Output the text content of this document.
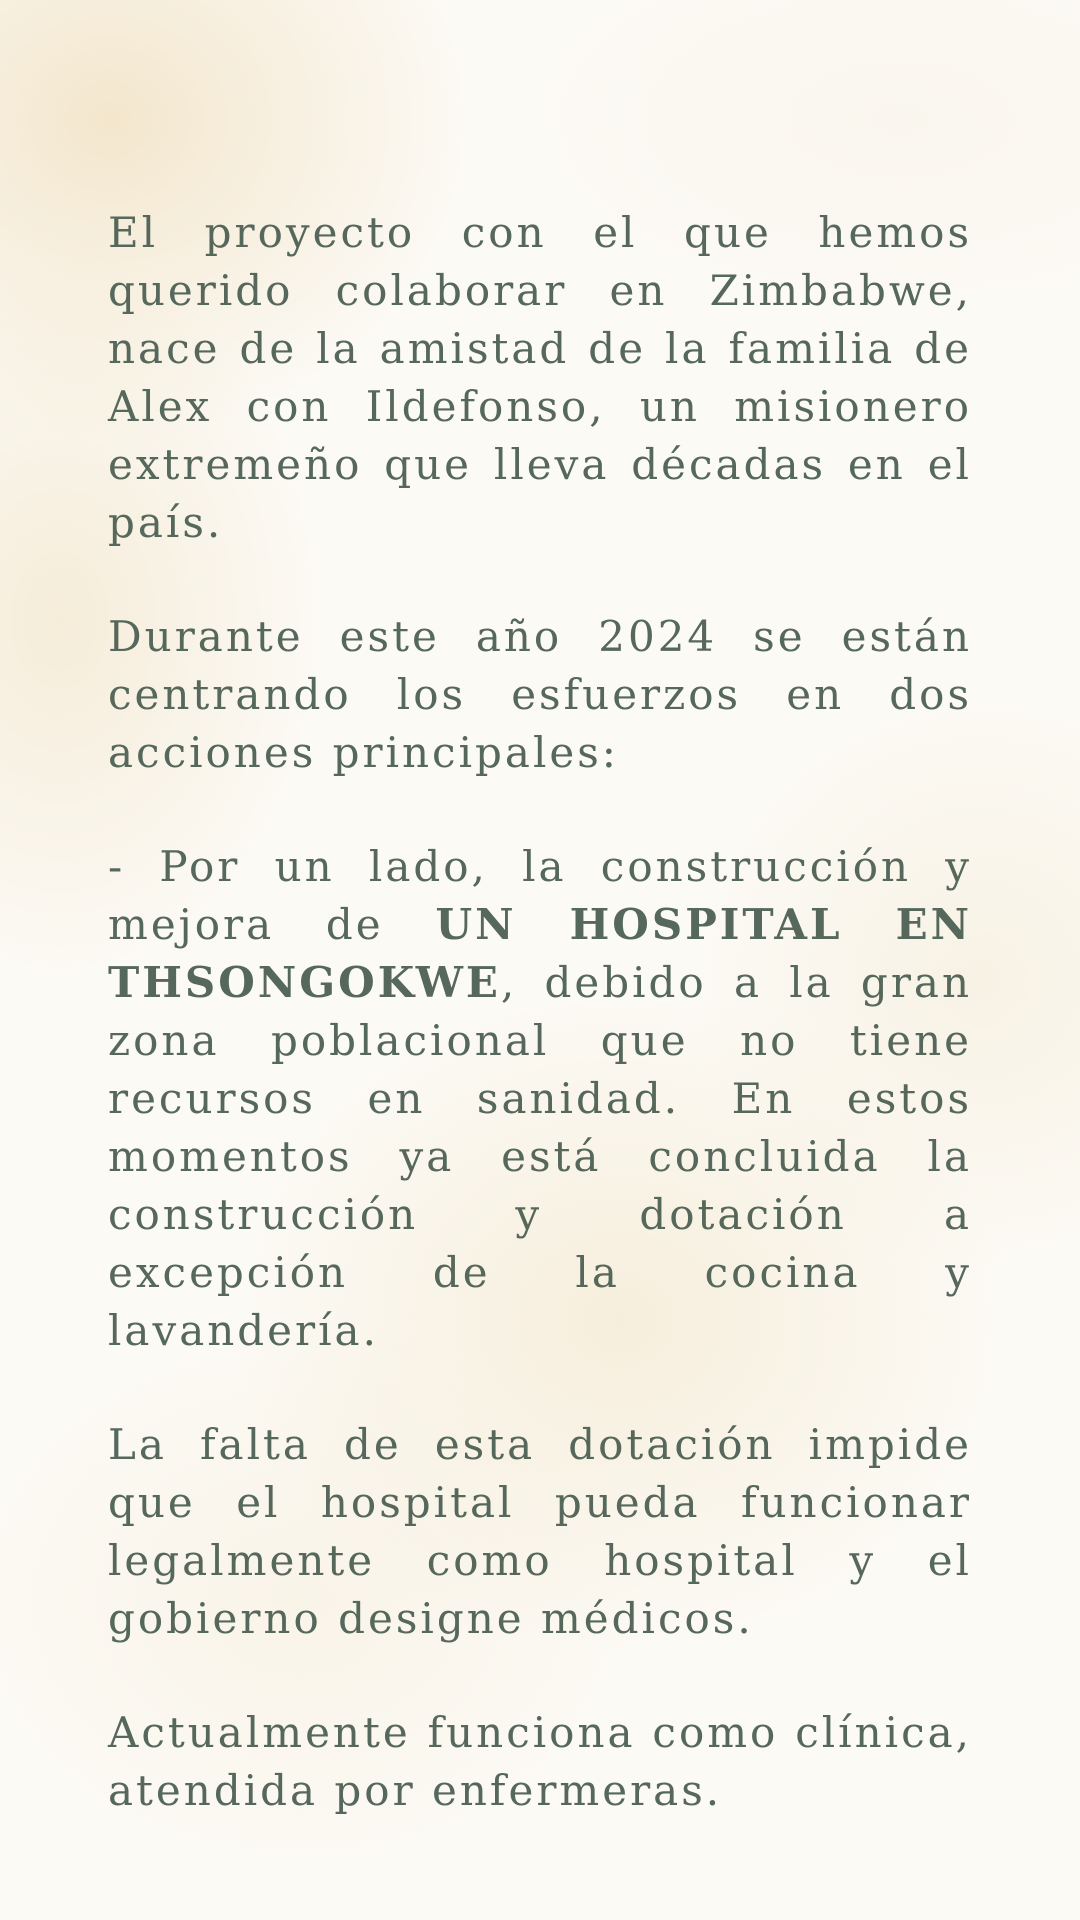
El proyecto con el que hemos querido colaborar en Zimbabwe, nace de la amistad de la familia de Alex con Ildefonso, un misionero extremeño que lleva décadas en el país.

Durante este año 2024 se están centrando los esfuerzos en dos acciones principales:

- Por un lado, la construcción y mejora de UN HOSPITAL EN THSONGOKWE, debido a la gran zona poblacional que no tiene recursos en sanidad. En estos momentos ya está concluida la construcción y dotación a excepción de la cocina y lavandería.

La falta de esta dotación impide que el hospital pueda funcionar legalmente como hospital y el gobierno designe médicos.

Actualmente funciona como clínica, atendida por enfermeras.
